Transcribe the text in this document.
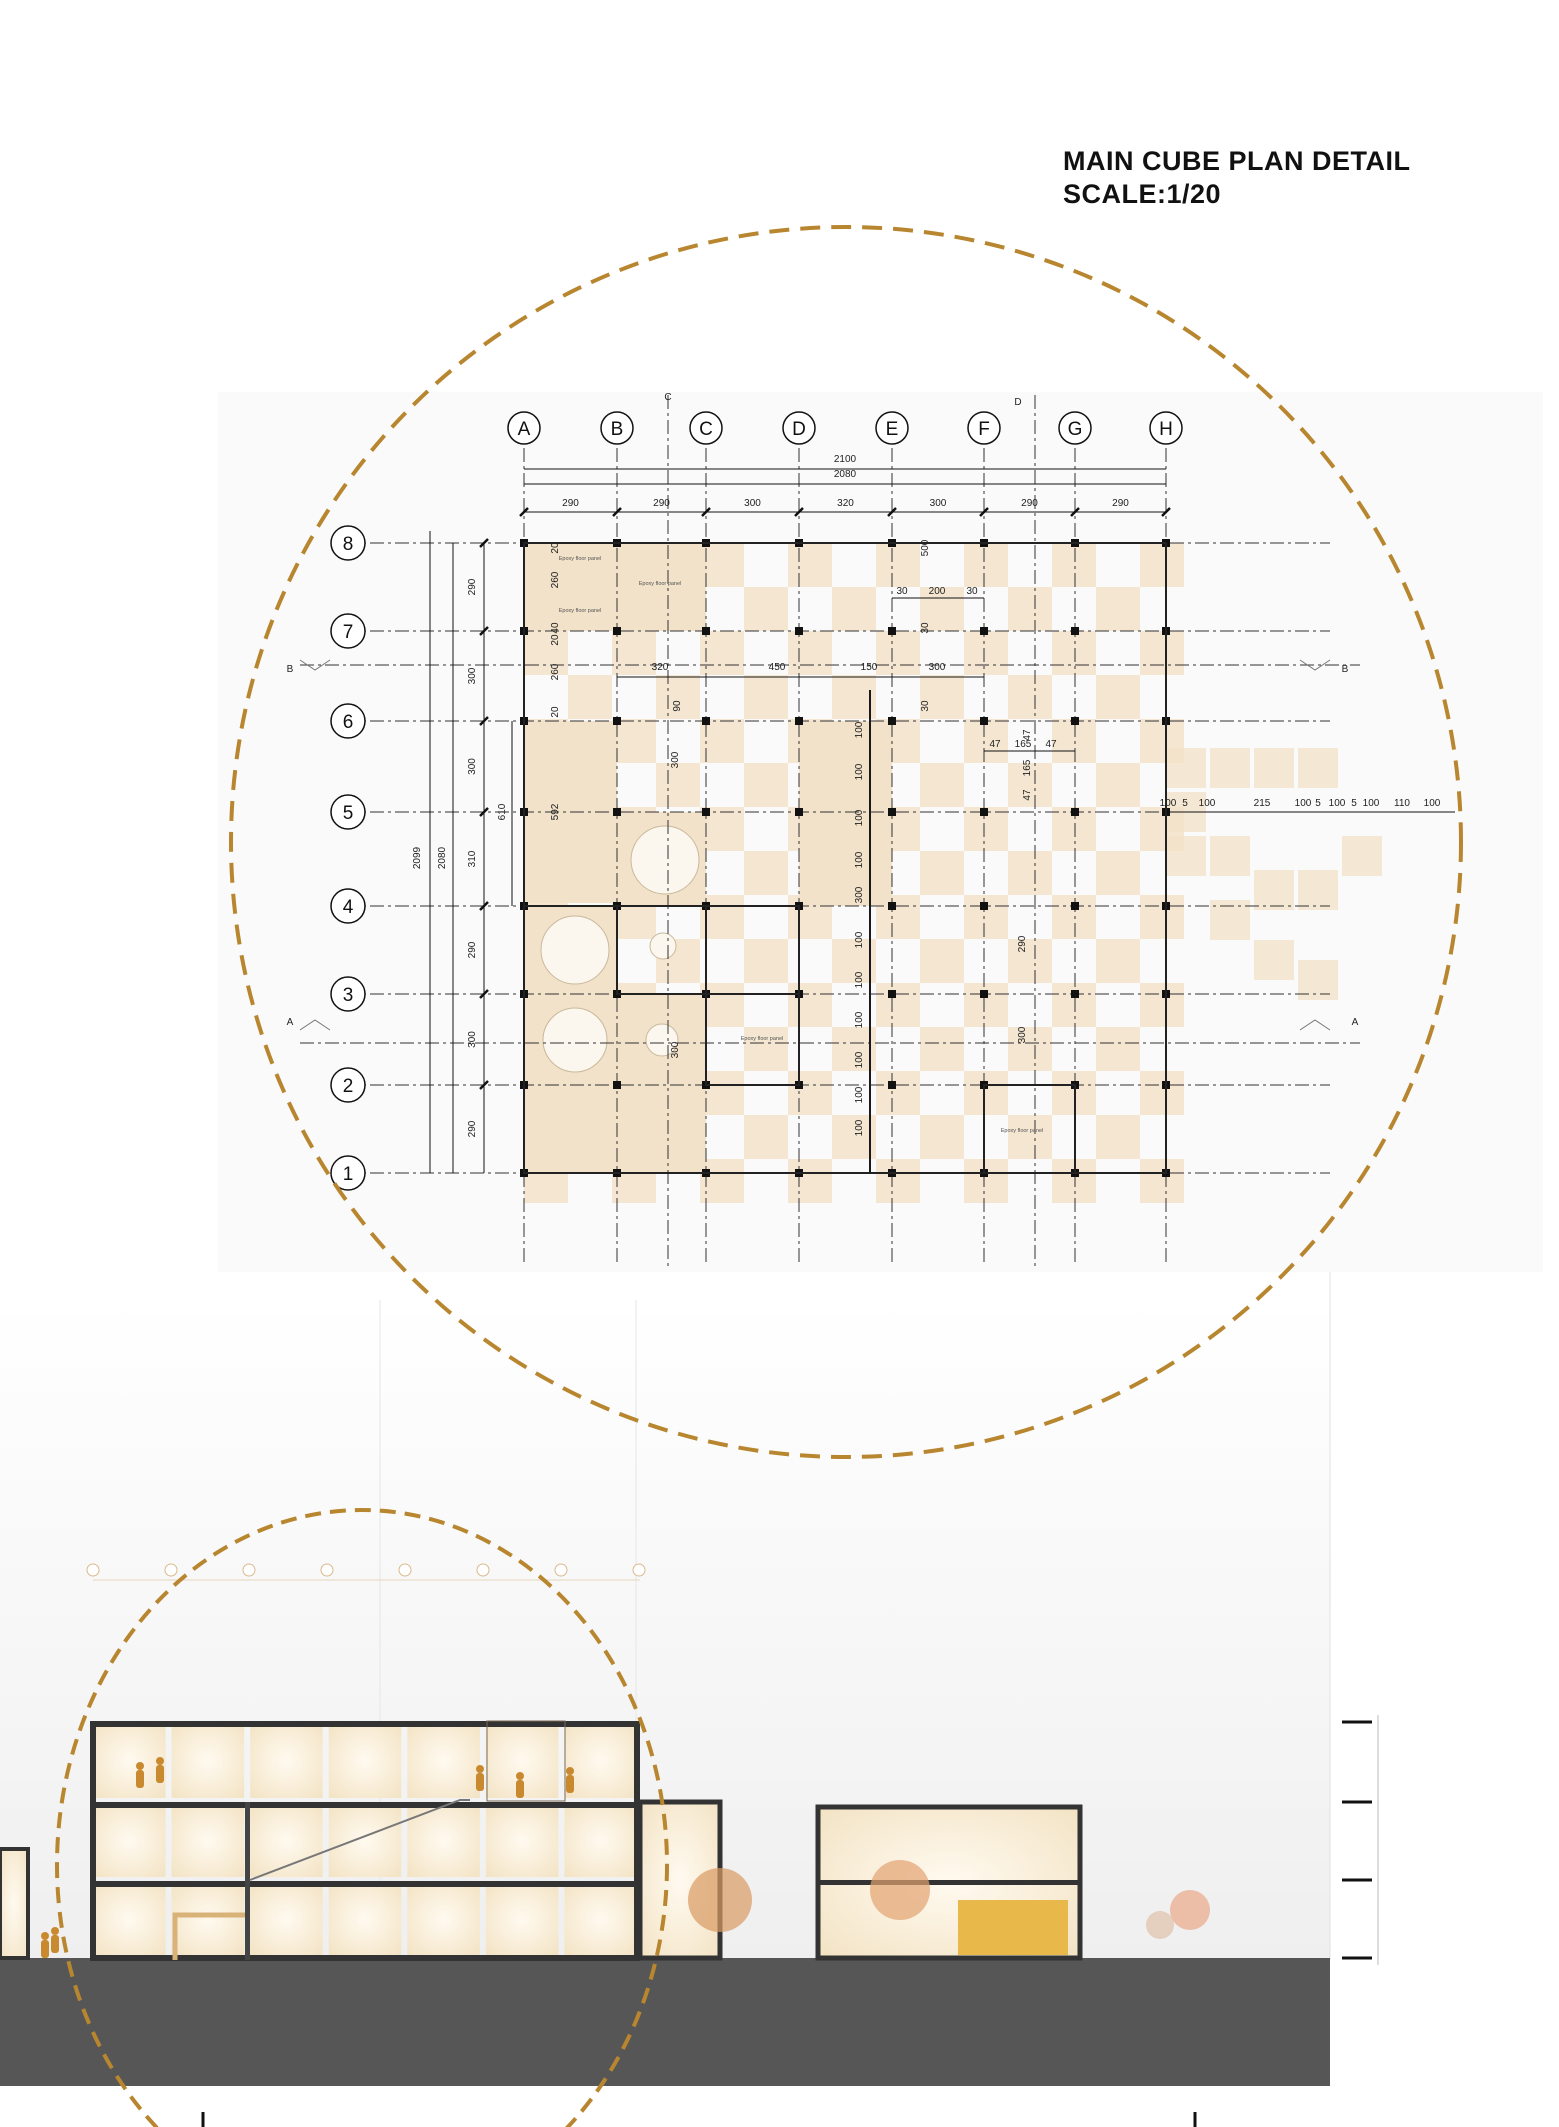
MAIN CUBE PLAN DETAIL
SCALE:1/20
A	B	C	D	E	F	G	H
8
7
6
5
4
3
2
1
2100
2080
290	290	300	320	300	290	290
290
300
300
310
290
300
290
2099 2080
610	592
300
260
260
20
40
20
20
320	450	150	300
90
30 200 30
500
30
30
47 165 47
165
47
47
100
100
100
100
300
100
100
100
100
100
100
290
300
300
100 5 100	215 100 5 100 5 100 110 100
Epoxy floor panel
Epoxy floor panel
Epoxy floor panel
Epoxy floor panel
Epoxy floor panel
A	A
B	B
C	D
